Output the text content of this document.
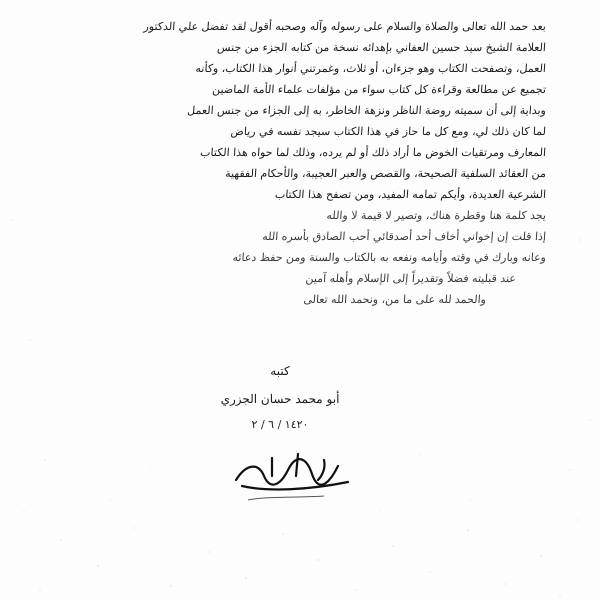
بعد حمد الله تعالى والصلاة والسلام على رسوله وآله وصحبه أقول لقد تفضل علي الدكتور
العلامة الشيخ سيد حسين العفاني بإهدائه نسخة من كتابه الجزء من جنس
العمل، وتصفحت الكتاب وهو جزءان، أو ثلاث، وغمرتني أنوار هذا الكتاب، وكأنه
تجميع عن مطالعة وقراءة كل كتاب سواء من مؤلفات علماء الأمة الماضين
وبداية إلى أن سميته روضة الناظر ونزهة الخاطر، به إلى الجزاء من جنس العمل
لما كان ذلك لي، ومع كل ما حاز في هذا الكتاب سيجد نفسه في رياض
المعارف ومرتقيات الخوض ما أراد ذلك أو لم يرده، وذلك لما حواه هذا الكتاب
من العقائد السلفية الصحيحة، والقصص والعبر العجيبة، والأحكام الفقهية
الشرعية العديدة، وأيكم تمامه المفيد، ومن تصفح هذا الكتاب
يجد كلمة هنا وقطرة هناك، وتصير لا قيمة لا والله
إذا قلت إن إخواني أخاف أحد أصدقائي أحب الصادق بأسره الله
وعانه وبارك في وقته وأيامه ونفعه به بالكتاب والسنة ومن حفظ دعائه
عند قبليته فضلاً وتقديراً إلى الإسلام وأهله آمين
والحمد لله على ما من، ونحمد الله تعالى
كتبه
أبو محمد حسان الجزري
١٤٢٠ / ٦ / ٢
